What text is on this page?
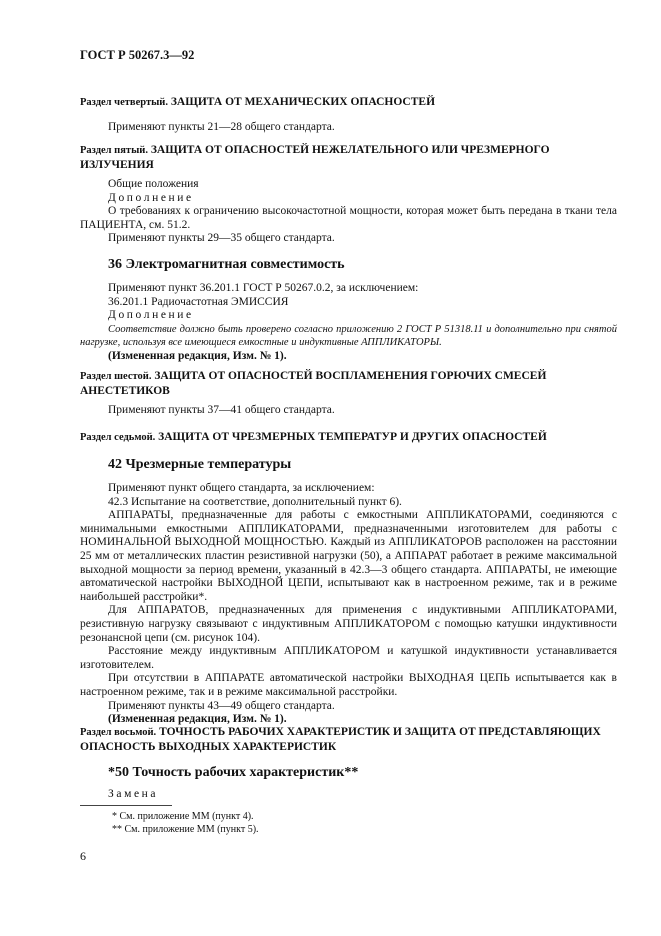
ГОСТ Р 50267.3—92
Раздел четвертый. ЗАЩИТА ОТ МЕХАНИЧЕСКИХ ОПАСНОСТЕЙ

Применяют пункты 21—28 общего стандарта.

Раздел пятый. ЗАЩИТА ОТ ОПАСНОСТЕЙ НЕЖЕЛАТЕЛЬНОГО ИЛИ ЧРЕЗМЕРНОГО ИЗЛУЧЕНИЯ

Общие положения

Дополнение

О требованиях к ограничению высокочастотной мощности, которая может быть передана в ткани тела ПАЦИЕНТА, см. 51.2.

Применяют пункты 29—35 общего стандарта.

36 Электромагнитная совместимость

Применяют пункт 36.201.1 ГОСТ Р 50267.0.2, за исключением:

36.201.1 Радиочастотная ЭМИССИЯ

Дополнение

Соответствие должно быть проверено согласно приложению 2 ГОСТ Р 51318.11 и дополнительно при снятой нагрузке, используя все имеющиеся емкостные и индуктивные АППЛИКАТОРЫ.

(Измененная редакция, Изм. № 1).

Раздел шестой. ЗАЩИТА ОТ ОПАСНОСТЕЙ ВОСПЛАМЕНЕНИЯ ГОРЮЧИХ СМЕСЕЙ АНЕСТЕТИКОВ

Применяют пункты 37—41 общего стандарта.

Раздел седьмой. ЗАЩИТА ОТ ЧРЕЗМЕРНЫХ ТЕМПЕРАТУР И ДРУГИХ ОПАСНОСТЕЙ
42 Чрезмерные температуры

Применяют пункт общего стандарта, за исключением:

42.3 Испытание на соответствие, дополнительный пункт 6).

АППАРАТЫ, предназначенные для работы с емкостными АППЛИКАТОРАМИ, соединяются с минимальными емкостными АППЛИКАТОРАМИ, предназначенными изготовителем для работы с НОМИНАЛЬНОЙ ВЫХОДНОЙ МОЩНОСТЬЮ. Каждый из АППЛИКАТОРОВ расположен на расстоянии 25 мм от металлических пластин резистивной нагрузки (50), а АППАРАТ работает в режиме максимальной выходной мощности за период времени, указанный в 42.3—3 общего стандарта. АППАРАТЫ, не имеющие автоматической настройки ВЫХОДНОЙ ЦЕПИ, испытывают как в настроенном режиме, так и в режиме наибольшей расстройки*.

Для АППАРАТОВ, предназначенных для применения с индуктивными АППЛИКАТОРАМИ, резистивную нагрузку связывают с индуктивным АППЛИКАТОРОМ с помощью катушки индуктивности резонансной цепи (см. рисунок 104).

Расстояние между индуктивным АППЛИКАТОРОМ и катушкой индуктивности устанавливается изготовителем.

При отсутствии в АППАРАТЕ автоматической настройки ВЫХОДНАЯ ЦЕПЬ испытывается как в настроенном режиме, так и в режиме максимальной расстройки.

Применяют пункты 43—49 общего стандарта.

(Измененная редакция, Изм. № 1).

Раздел восьмой. ТОЧНОСТЬ РАБОЧИХ ХАРАКТЕРИСТИК И ЗАЩИТА ОТ ПРЕДСТАВЛЯЮЩИХ ОПАСНОСТЬ ВЫХОДНЫХ ХАРАКТЕРИСТИК
*50 Точность рабочих характеристик**

Замена

* См. приложение ММ (пункт 4).
** См. приложение ММ (пункт 5).
6
